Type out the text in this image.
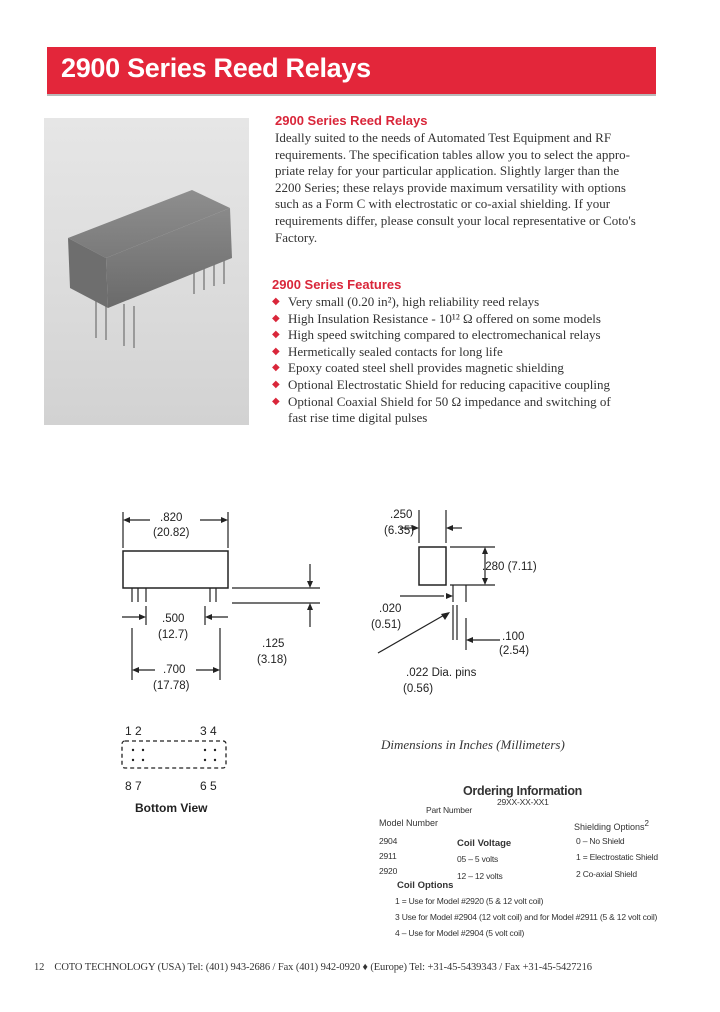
2900 Series Reed Relays
2900 Series Reed Relays
Ideally suited to the needs of Automated Test Equipment and RF
requirements. The specification tables allow you to select the appro-
priate relay for your particular application. Slightly larger than the
2200 Series; these relays provide maximum versatility with options
such as a Form C with electrostatic or co-axial shielding. If your
requirements differ, please consult your local representative or Coto's
Factory.
2900 Series Features
◆ Very small (0.20 in²), high reliability reed relays
◆ High Insulation Resistance - 10¹² Ω offered on some models
◆ High speed switching compared to electromechanical relays
◆ Hermetically sealed contacts for long life
◆ Epoxy coated steel shell provides magnetic shielding
◆ Optional Electrostatic Shield for reducing capacitive coupling
◆ Optional Coaxial Shield for 50 Ω impedance and switching of
fast rise time digital pulses
.820
(20.82)
.500
(12.7)
.700
(17.78)
.125
(3.18)
.250
(6.35)
.280 (7.11)
.020
(0.51)
.100
(2.54)
.022 Dia. pins
(0.56)
Dimensions in Inches (Millimeters)
1 2	3 4
8 7	6 5
Bottom View
Ordering Information
Part Number
29XX-XX-XX1
Model Number
2904
2911
2920
Coil Voltage
05 – 5 volts
12 – 12 volts
Coil Options
1 = Use for Model #2920 (5 & 12 volt coil)
3 Use for Model #2904 (12 volt coil) and for Model #2911 (5 & 12 volt coil)
4 – Use for Model #2904 (5 volt coil)
Shielding Options$^2$
0 – No Shield
1 = Electrostatic Shield
2 Co-axial Shield
12 COTO TECHNOLOGY (USA) Tel: (401) 943-2686 / Fax (401) 942-0920 ♦ (Europe) Tel: +31-45-5439343 / Fax +31-45-5427216
